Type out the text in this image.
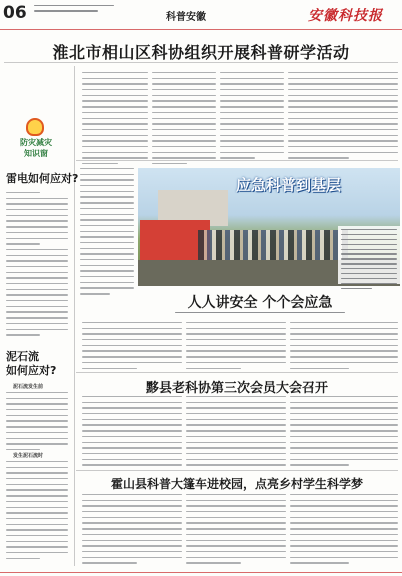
06	科普安徽	安徽科技报
淮北市相山区科协组织开展科普研学活动
防灾减灾
知识窗
雷电如何应对?
泥石流
如何应对?
泥石流发生前
发生泥石流时
应急科普到基层
人人讲安全 个个会应急
黟县老科协第三次会员大会召开
霍山县科普大篷车进校园，点亮乡村学生科学梦
